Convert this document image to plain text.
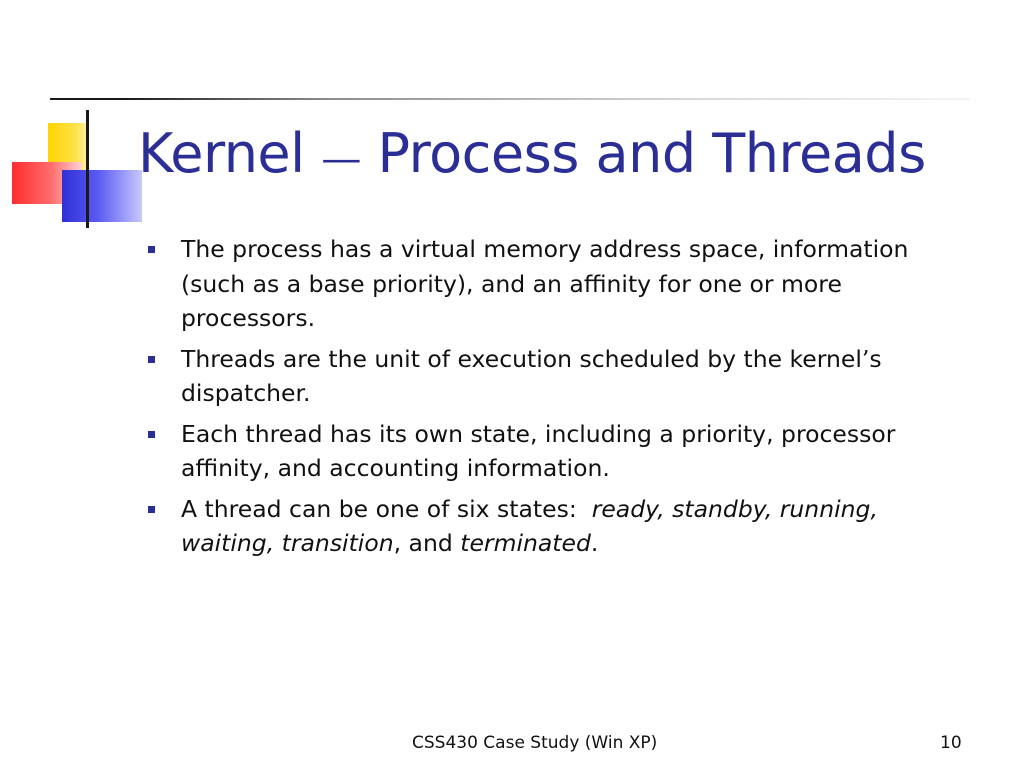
Kernel — Process and Threads
The process has a virtual memory address space, information (such as a base priority), and an affinity for one or more processors.
Threads are the unit of execution scheduled by the kernel’s dispatcher.
Each thread has its own state, including a priority, processor affinity, and accounting information.
A thread can be one of six states:  ready, standby, running, waiting, transition, and terminated.
CSS430 Case Study (Win XP)	10
